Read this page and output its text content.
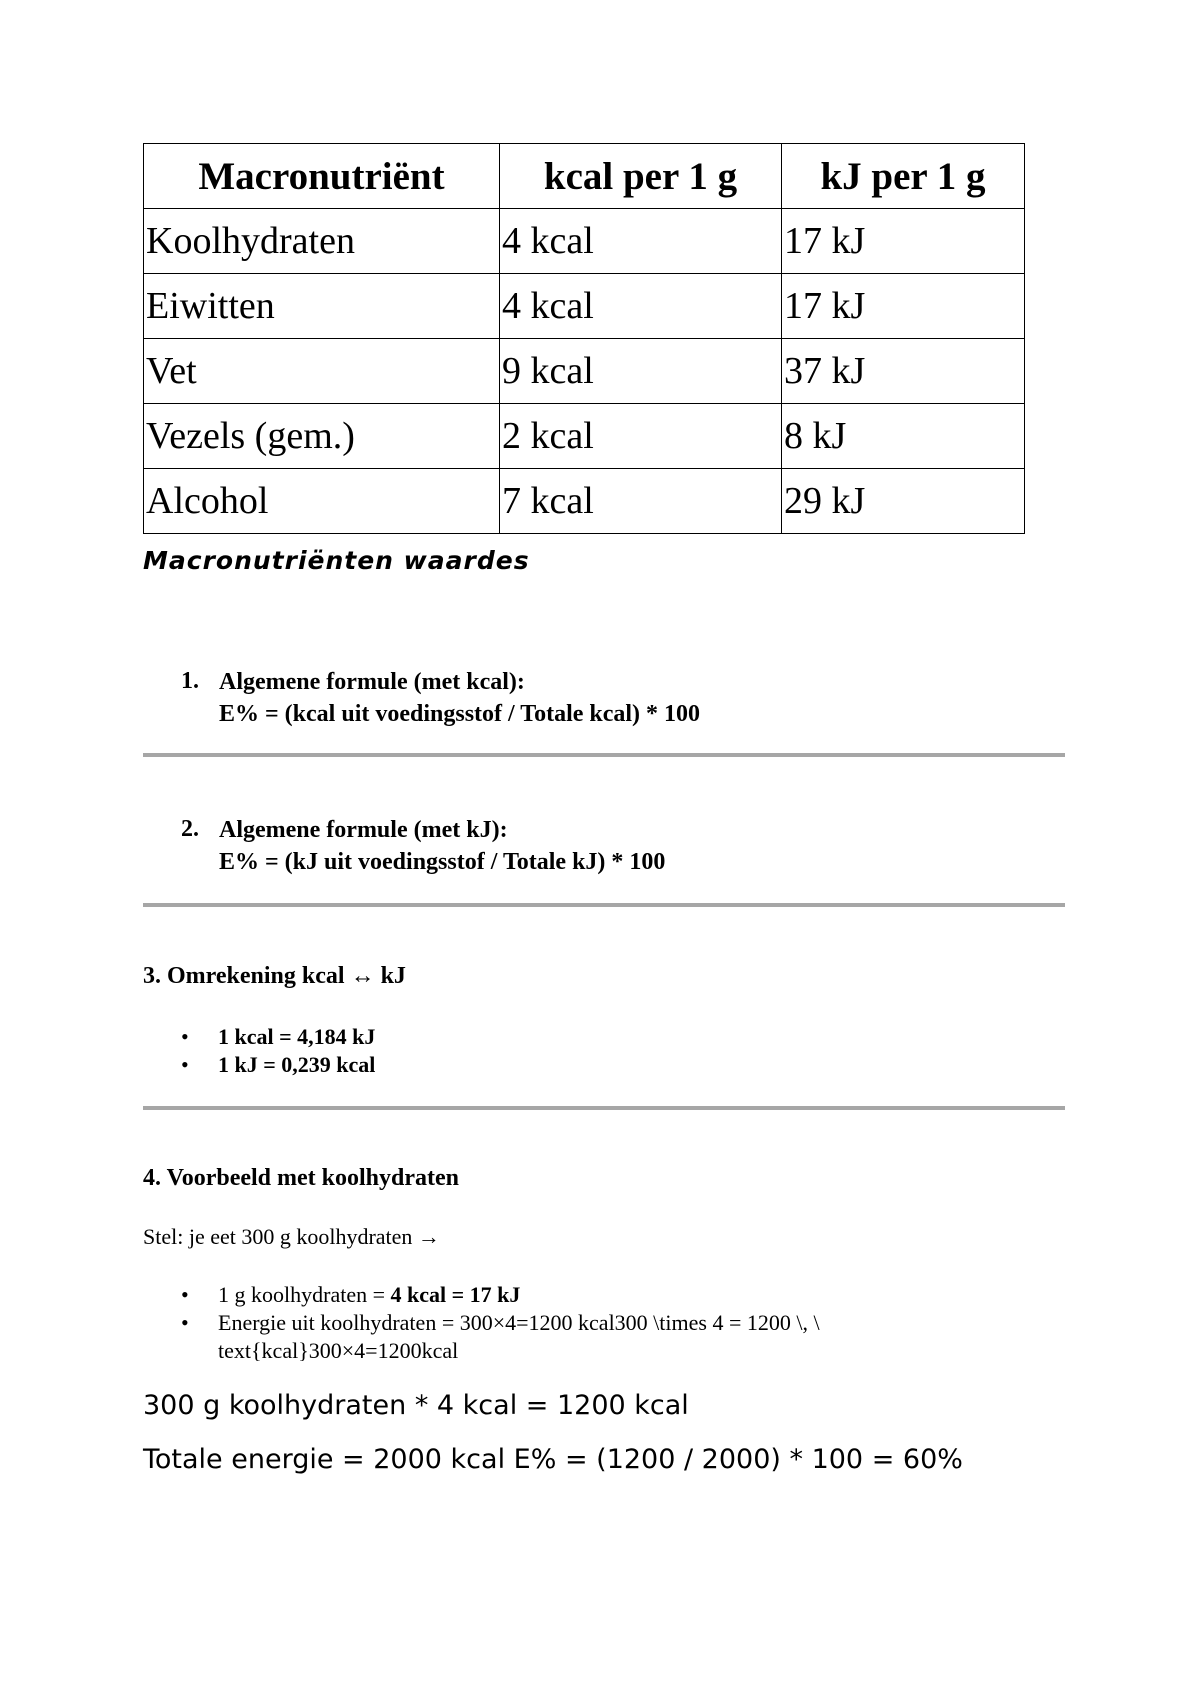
Macronutriënt	kcal per 1 g	kJ per 1 g
Koolhydraten	4 kcal	17 kJ
Eiwitten	4 kcal	17 kJ
Vet	9 kcal	37 kJ
Vezels (gem.)	2 kcal	8 kJ
Alcohol	7 kcal	29 kJ
Macronutriënten waardes
1. Algemene formule (met kcal):
E% = (kcal uit voedingsstof / Totale kcal) * 100
2. Algemene formule (met kJ):
E% = (kJ uit voedingsstof / Totale kJ) * 100
3. Omrekening kcal ↔ kJ
• 1 kcal = 4,184 kJ
• 1 kJ = 0,239 kcal
4. Voorbeeld met koolhydraten
Stel: je eet 300 g koolhydraten →
• 1 g koolhydraten = 4 kcal = 17 kJ
• Energie uit koolhydraten = 300×4=1200 kcal300 \times 4 = 1200 \, \
text{kcal}300×4=1200kcal
300 g koolhydraten * 4 kcal = 1200 kcal
Totale energie = 2000 kcal E% = (1200 / 2000) * 100 = 60%
